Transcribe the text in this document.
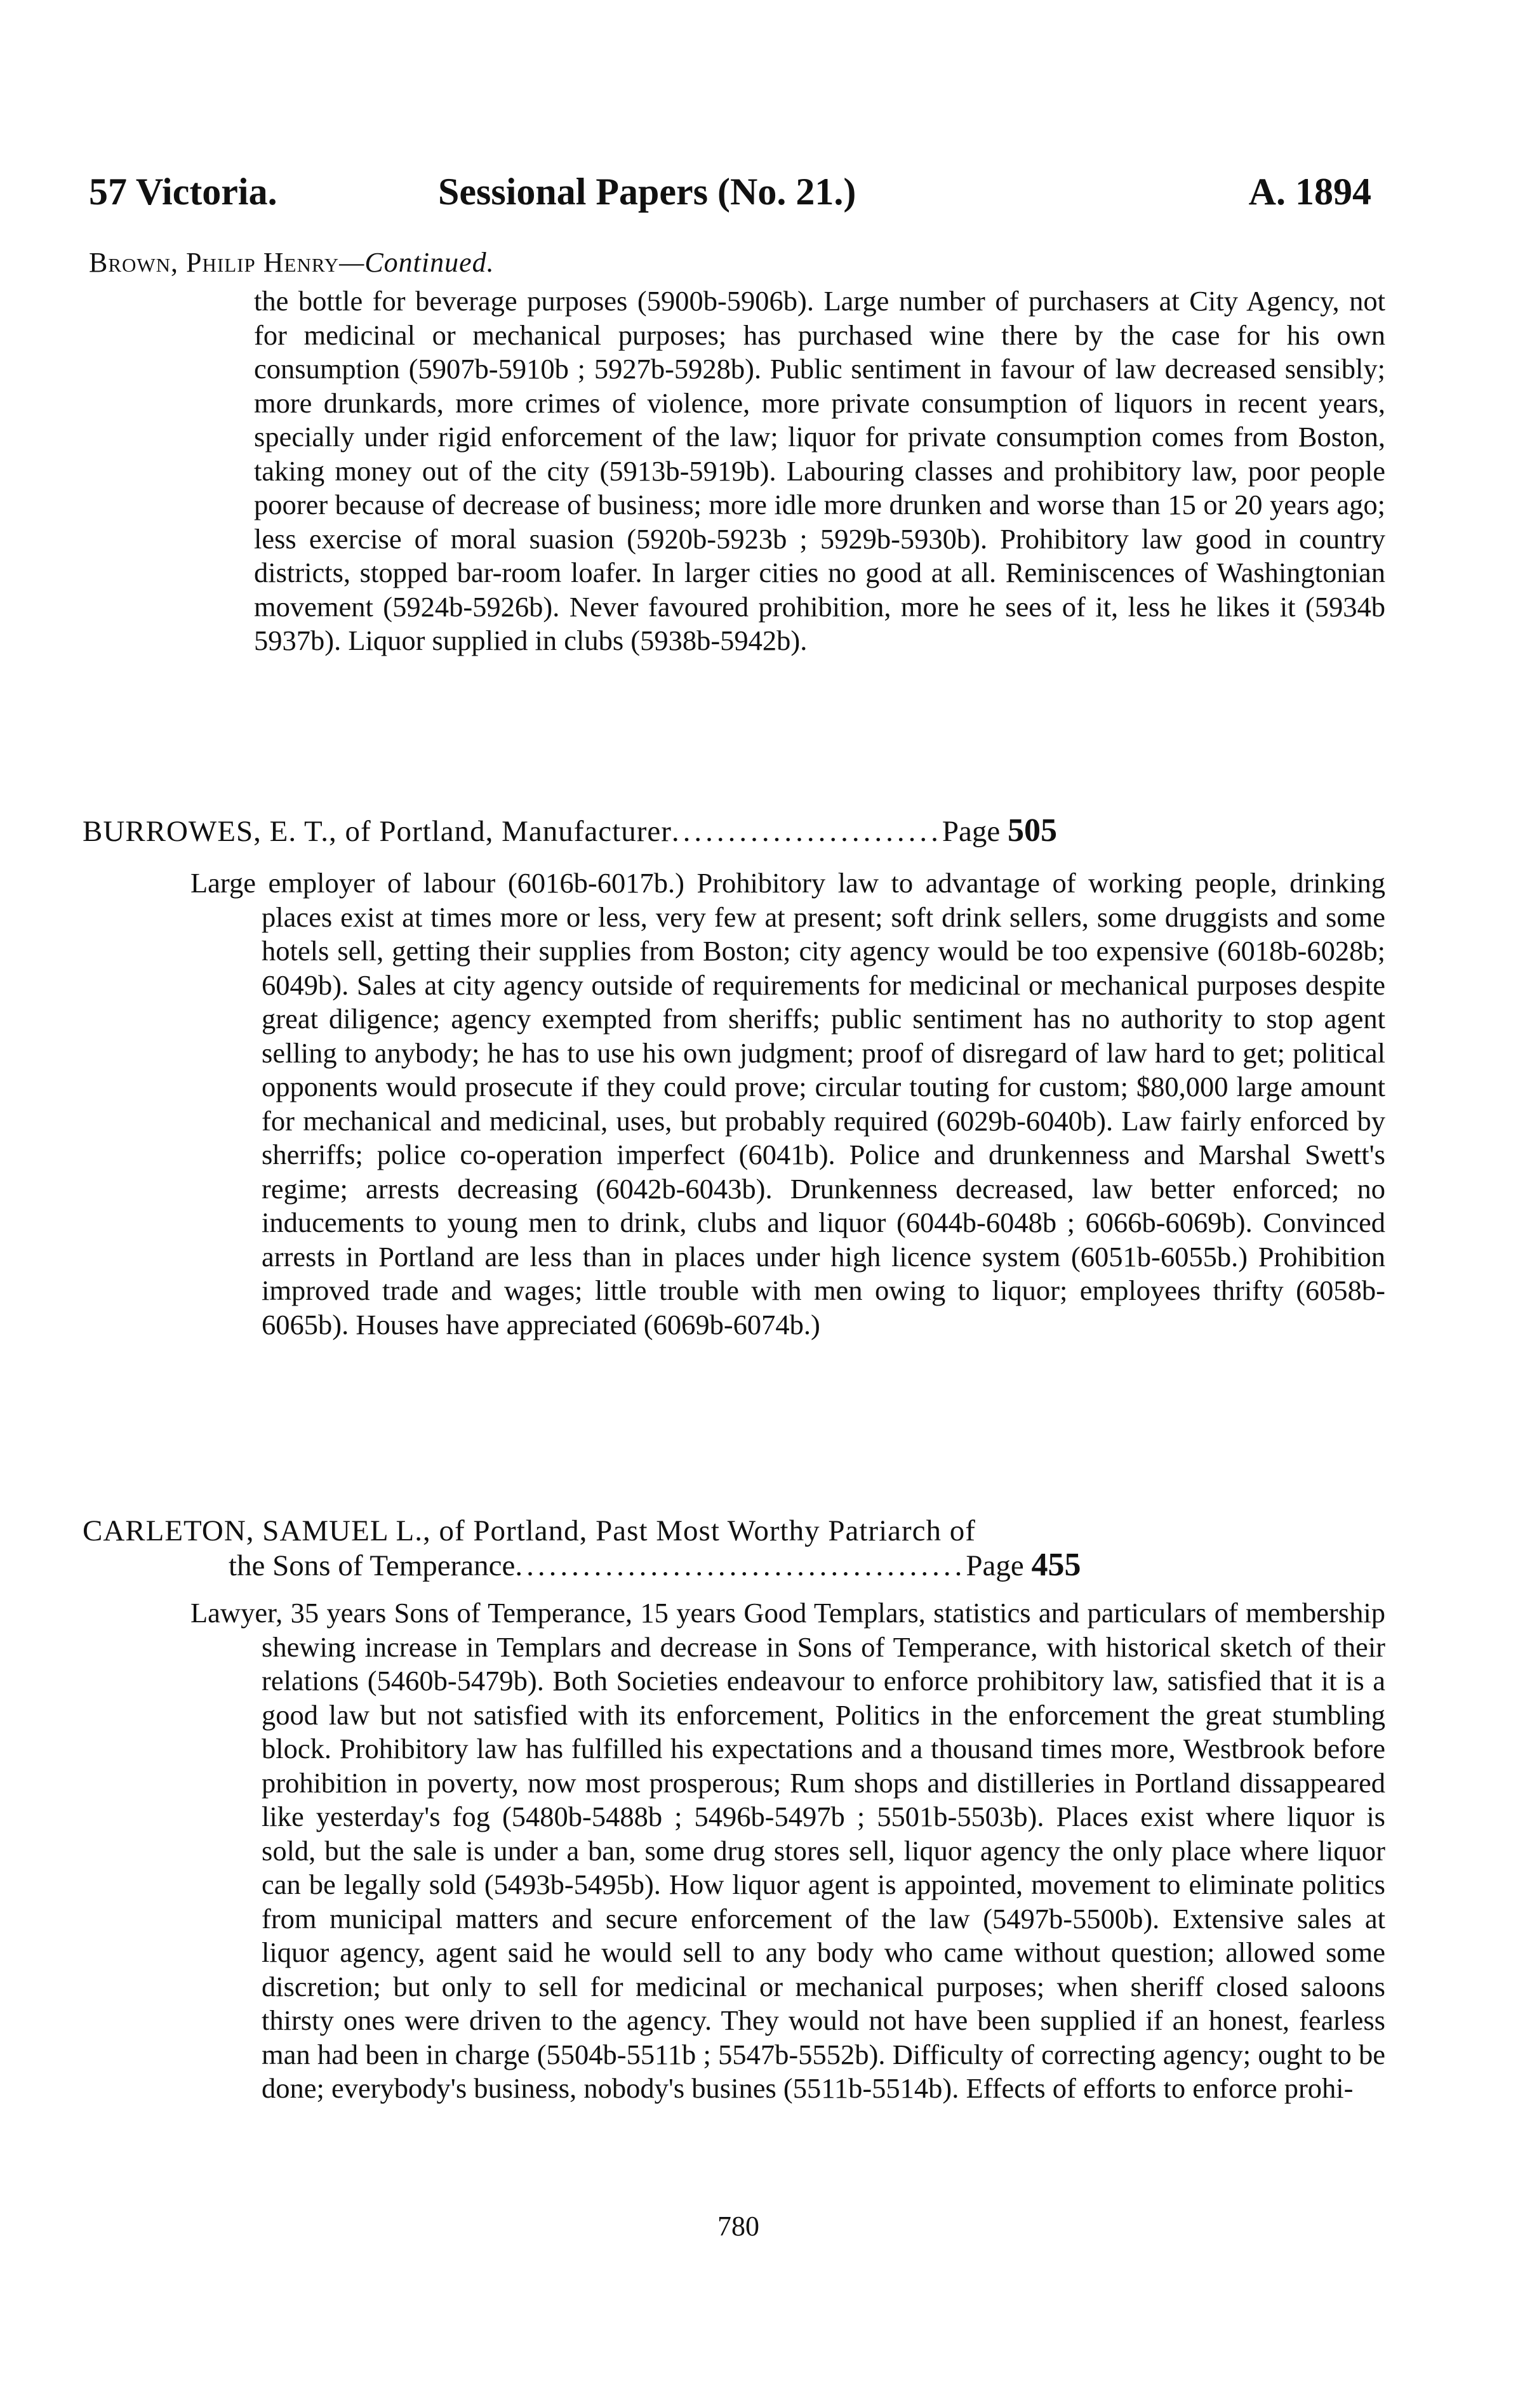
57 Victoria.	Sessional Papers (No. 21.)	A. 1894
Brown, Philip Henry—Continued.
the bottle for beverage purposes (5900b-5906b). Large number of purchasers at City Agency, not for medicinal or mechanical purposes; has purchased wine there by the case for his own consumption (5907b-5910b ; 5927b-5928b). Public sentiment in favour of law decreased sensibly; more drunkards, more crimes of violence, more private consumption of liquors in recent years, specially under rigid enforcement of the law; liquor for private consumption comes from Boston, taking money out of the city (5913b-5919b). Labouring classes and prohibitory law, poor people poorer because of decrease of business; more idle more drunken and worse than 15 or 20 years ago; less exercise of moral suasion (5920b-5923b ; 5929b-5930b). Prohibitory law good in country districts, stopped bar-room loafer. In larger cities no good at all. Reminiscences of Washingtonian movement (5924b-5926b). Never favoured prohibition, more he sees of it, less he likes it (5934b 5937b). Liquor supplied in clubs (5938b-5942b).
BURROWES, E. T., of Portland, Manufacturer........................Page 505
Large employer of labour (6016b-6017b.) Prohibitory law to advantage of working people, drinking places exist at times more or less, very few at present; soft drink sellers, some druggists and some hotels sell, getting their supplies from Boston; city agency would be too expensive (6018b-6028b; 6049b). Sales at city agency outside of requirements for medicinal or mechanical purposes despite great diligence; agency exempted from sheriffs; public sentiment has no authority to stop agent selling to anybody; he has to use his own judgment; proof of disregard of law hard to get; political opponents would prosecute if they could prove; circular touting for custom; $80,000 large amount for mechanical and medicinal, uses, but probably required (6029b-6040b). Law fairly enforced by sherriffs; police co-operation imperfect (6041b). Police and drunkenness and Marshal Swett's regime; arrests decreasing (6042b-6043b). Drunkenness decreased, law better enforced; no inducements to young men to drink, clubs and liquor (6044b-6048b ; 6066b-6069b). Convinced arrests in Portland are less than in places under high licence system (6051b-6055b.) Prohibition improved trade and wages; little trouble with men owing to liquor; employees thrifty (6058b-6065b). Houses have appreciated (6069b-6074b.)
CARLETON, SAMUEL L., of Portland, Past Most Worthy Patriarch of
the Sons of Temperance........................................Page 455
Lawyer, 35 years Sons of Temperance, 15 years Good Templars, statistics and particulars of membership shewing increase in Templars and decrease in Sons of Temperance, with historical sketch of their relations (5460b-5479b). Both Societies endeavour to enforce prohibitory law, satisfied that it is a good law but not satisfied with its enforcement, Politics in the enforcement the great stumbling block. Prohibitory law has fulfilled his expectations and a thousand times more, Westbrook before prohibition in poverty, now most prosperous; Rum shops and distilleries in Portland dissappeared like yesterday's fog (5480b-5488b ; 5496b-5497b ; 5501b-5503b). Places exist where liquor is sold, but the sale is under a ban, some drug stores sell, liquor agency the only place where liquor can be legally sold (5493b-5495b). How liquor agent is appointed, movement to eliminate politics from municipal matters and secure enforcement of the law (5497b-5500b). Extensive sales at liquor agency, agent said he would sell to any body who came without question; allowed some discretion; but only to sell for medicinal or mechanical purposes; when sheriff closed saloons thirsty ones were driven to the agency. They would not have been supplied if an honest, fearless man had been in charge (5504b-5511b ; 5547b-5552b). Difficulty of correcting agency; ought to be done; everybody's business, nobody's busines (5511b-5514b). Effects of efforts to enforce prohi-
780
